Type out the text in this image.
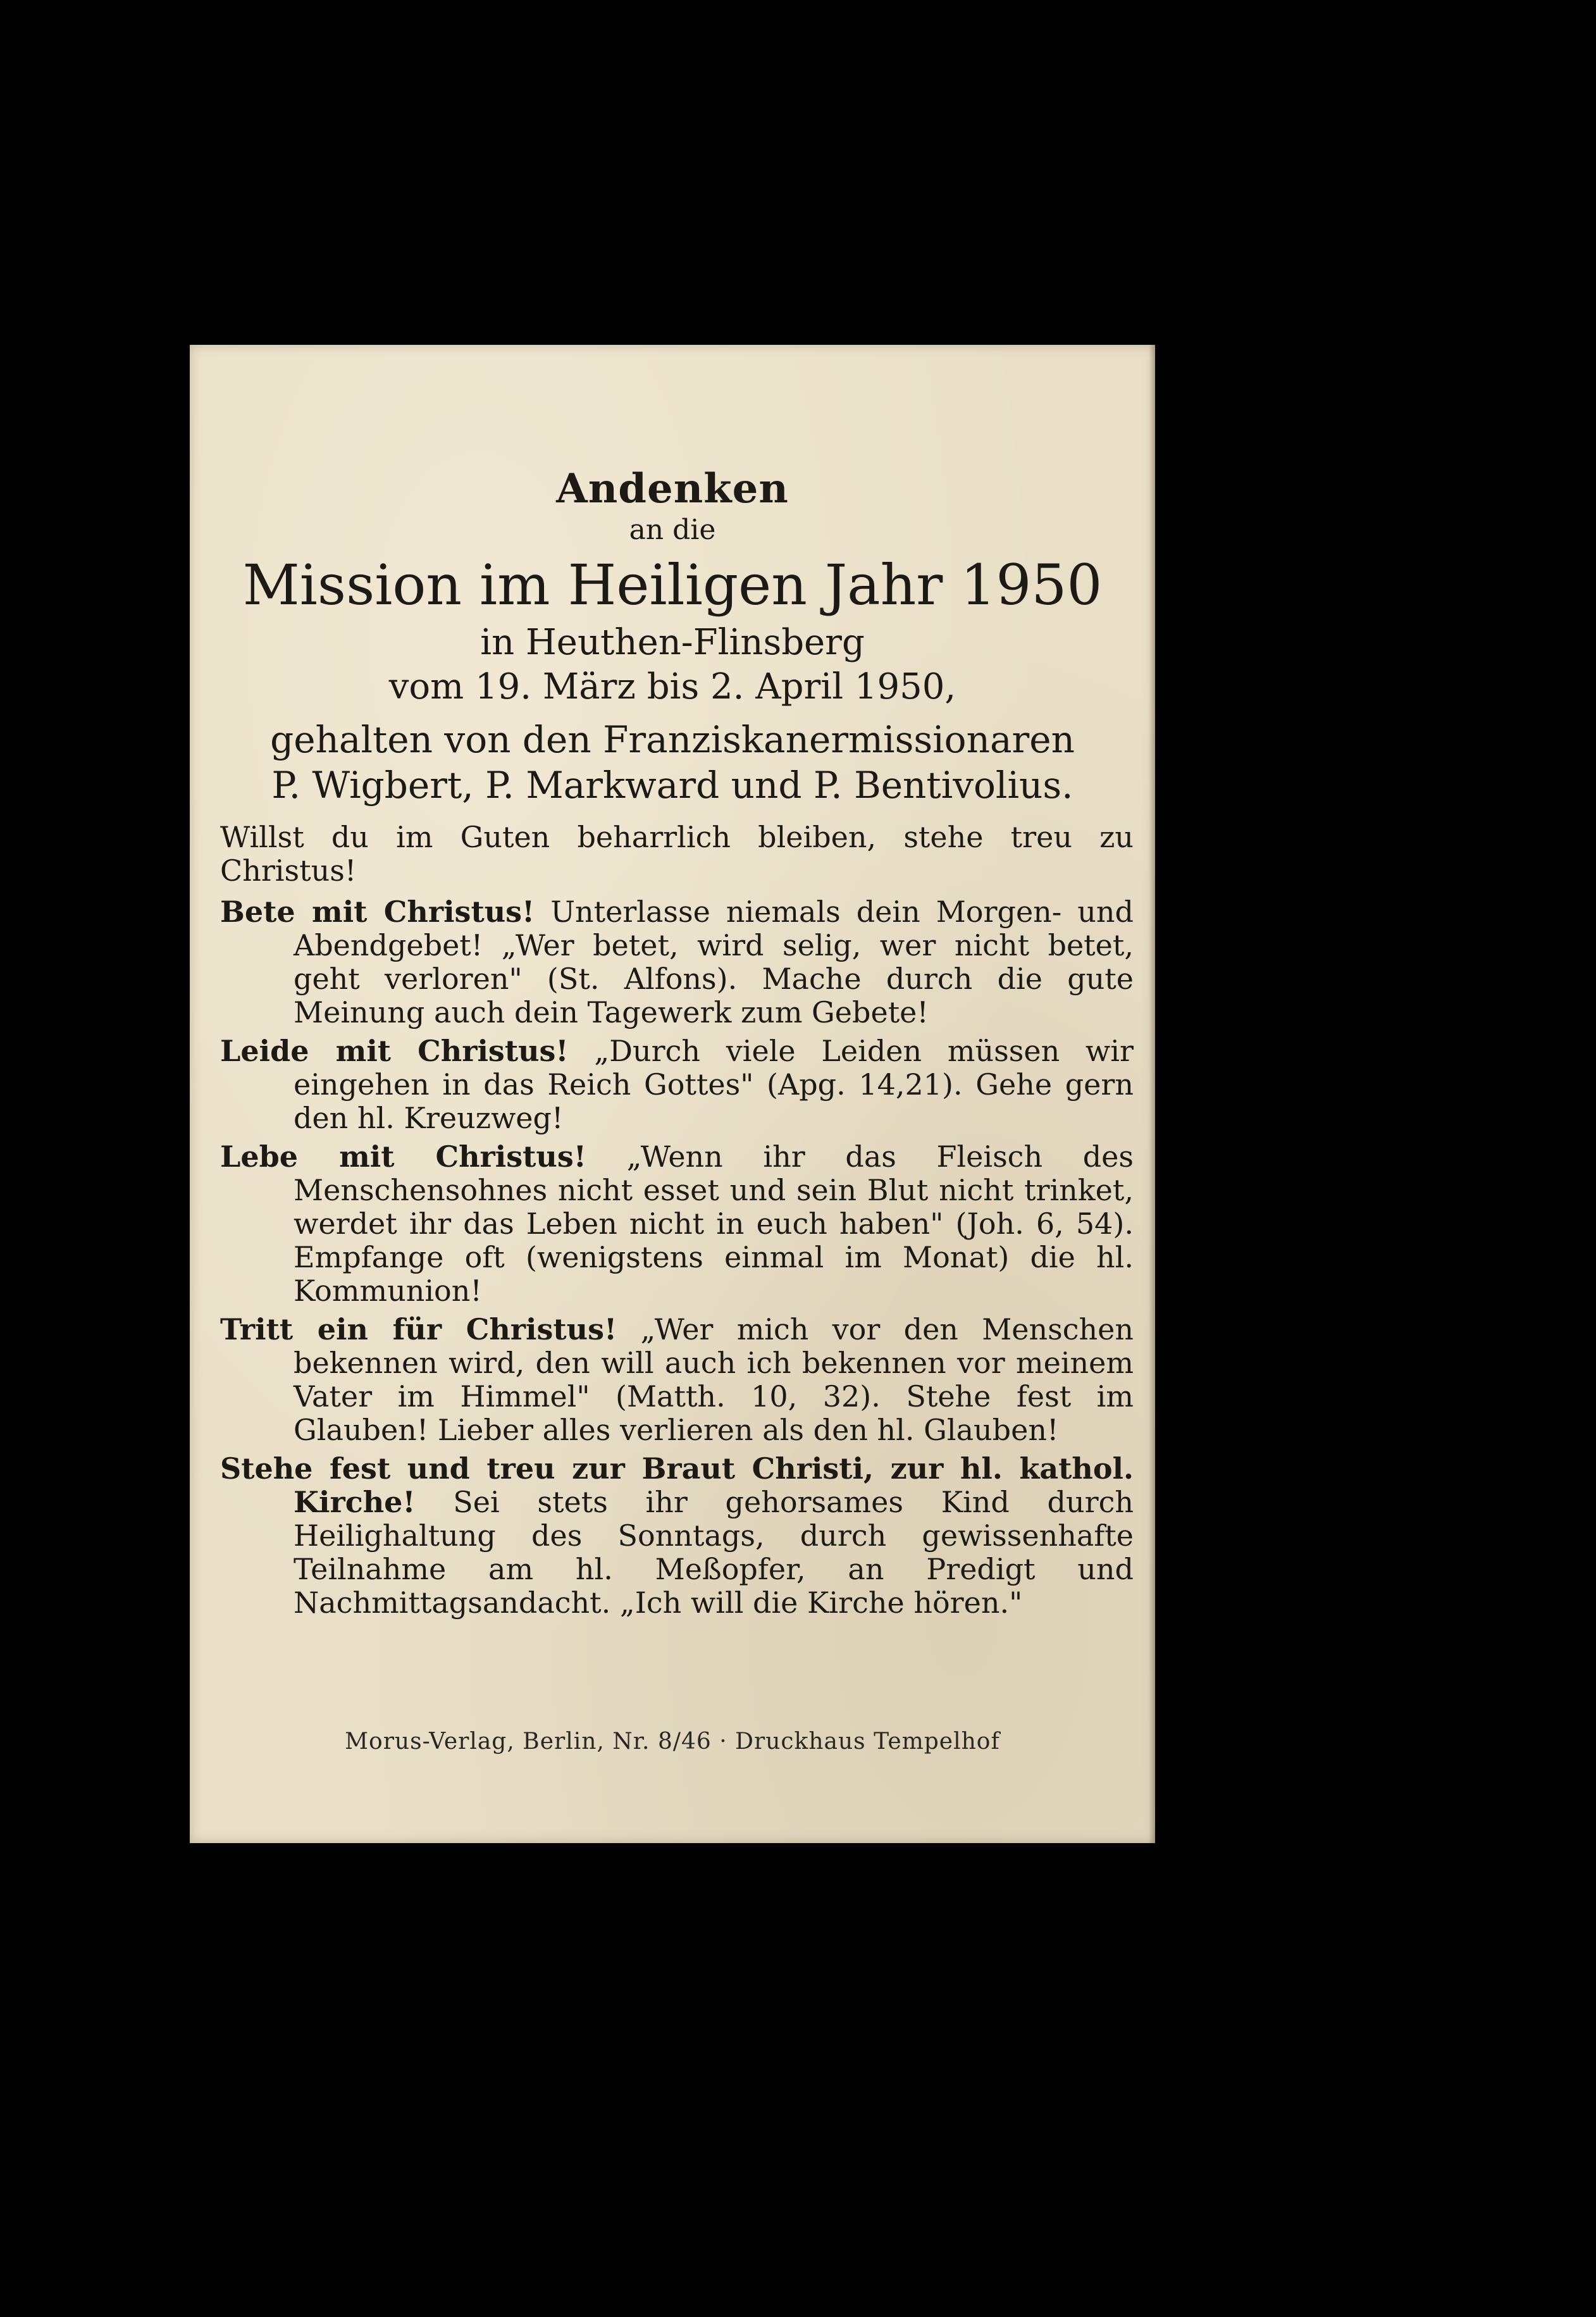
Andenken
an die
Mission im Heiligen Jahr 1950
in Heuthen-Flinsberg
vom 19. März bis 2. April 1950,
gehalten von den Franziskanermissionaren
P. Wigbert, P. Markward und P. Bentivolius.

Willst du im Guten beharrlich bleiben, stehe treu zu Christus!

Bete mit Christus! Unterlasse niemals dein Morgen- und Abendgebet! „Wer betet, wird selig, wer nicht betet, geht verloren" (St. Alfons). Mache durch die gute Meinung auch dein Tagewerk zum Gebete!

Leide mit Christus! „Durch viele Leiden müssen wir eingehen in das Reich Gottes" (Apg. 14,21). Gehe gern den hl. Kreuzweg!

Lebe mit Christus! „Wenn ihr das Fleisch des Menschensohnes nicht esset und sein Blut nicht trinket, werdet ihr das Leben nicht in euch haben" (Joh. 6, 54). Empfange oft (wenigstens einmal im Monat) die hl. Kommunion!

Tritt ein für Christus! „Wer mich vor den Menschen bekennen wird, den will auch ich bekennen vor meinem Vater im Himmel" (Matth. 10, 32). Stehe fest im Glauben! Lieber alles verlieren als den hl. Glauben!

Stehe fest und treu zur Braut Christi, zur hl. kathol. Kirche! Sei stets ihr gehorsames Kind durch Heilighaltung des Sonntags, durch gewissenhafte Teilnahme am hl. Meßopfer, an Predigt und Nachmittagsandacht. „Ich will die Kirche hören."

Morus-Verlag, Berlin, Nr. 8/46 · Druckhaus Tempelhof
